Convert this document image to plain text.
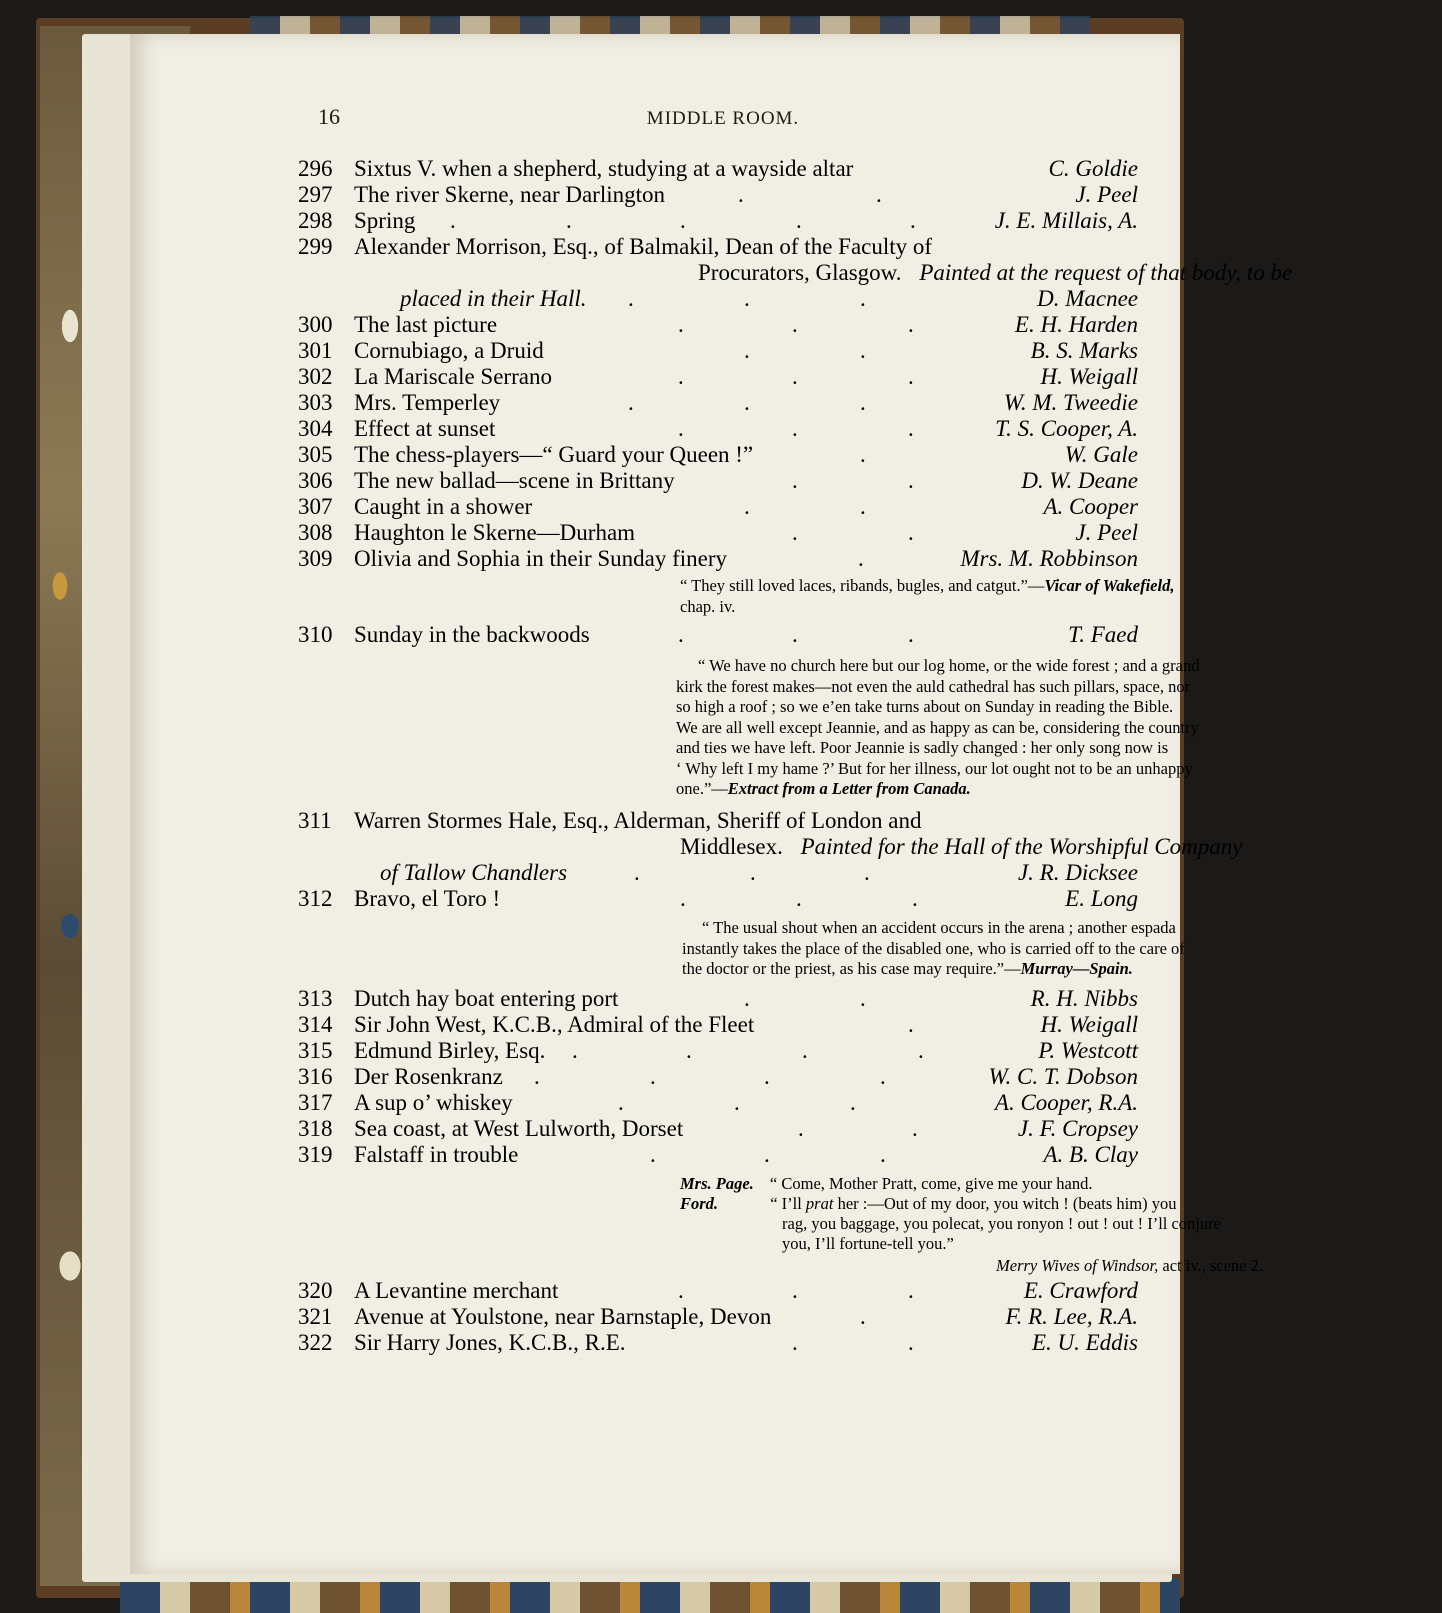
16	MIDDLE ROOM.
296 Sixtus V. when a shepherd, studying at a wayside altar	C. Goldie
297 The river Skerne, near Darlington	.	.	J. Peel
298 Spring .	.	.	.	.	J. E. Millais, A.
299 Alexander Morrison, Esq., of Balmakil, Dean of the Faculty of
Procurators, Glasgow. Painted at the request of that body, to be
placed in their Hall. .	.	.	D. Macnee
300 The last picture	.	.	.	E. H. Harden
301 Cornubiago, a Druid	.	.	B. S. Marks
302 La Mariscale Serrano	.	.	.	H. Weigall
303 Mrs. Temperley	.	.	.	W. M. Tweedie
304 Effect at sunset	.	.	.	T. S. Cooper, A.
305 The chess-players—“ Guard your Queen !”	.	W. Gale
306 The new ballad—scene in Brittany	.	.	D. W. Deane
307 Caught in a shower	.	.	A. Cooper
308 Haughton le Skerne—Durham	.	.	J. Peel
309 Olivia and Sophia in their Sunday finery	.	Mrs. M. Robbinson
“ They still loved laces, ribands, bugles, and catgut.”—Vicar of Wakefield,
chap. iv.
310 Sunday in the backwoods	.	.	.	T. Faed
“ We have no church here but our log home, or the wide forest ; and a grand
kirk the forest makes—not even the auld cathedral has such pillars, space, nor
so high a roof ; so we e’en take turns about on Sunday in reading the Bible.
We are all well except Jeannie, and as happy as can be, considering the country
and ties we have left. Poor Jeannie is sadly changed : her only song now is
‘ Why left I my hame ?’ But for her illness, our lot ought not to be an unhappy
one.”—Extract from a Letter from Canada.
311 Warren Stormes Hale, Esq., Alderman, Sheriff of London and
Middlesex. Painted for the Hall of the Worshipful Company
of Tallow Chandlers	.	.	.	J. R. Dicksee
312 Bravo, el Toro !	.	.	.	E. Long
“ The usual shout when an accident occurs in the arena ; another espada
instantly takes the place of the disabled one, who is carried off to the care of
the doctor or the priest, as his case may require.”—Murray—Spain.
313 Dutch hay boat entering port	.	.	R. H. Nibbs
314 Sir John West, K.C.B., Admiral of the Fleet	.	H. Weigall
315 Edmund Birley, Esq. .	.	.	.	P. Westcott
316 Der Rosenkranz .	.	.	.	W. C. T. Dobson
317 A sup o’ whiskey	.	.	.	A. Cooper, R.A.
318 Sea coast, at West Lulworth, Dorset	.	.	J. F. Cropsey
319 Falstaff in trouble	.	.	.	A. B. Clay
Mrs. Page. “ Come, Mother Pratt, come, give me your hand.
Ford.	“ I’ll prat her :—Out of my door, you witch ! (beats him) you
rag, you baggage, you polecat, you ronyon ! out ! out ! I’ll conjure
you, I’ll fortune-tell you.”
Merry Wives of Windsor, act iv., scene 2.
320 A Levantine merchant	.	.	.	E. Crawford
321 Avenue at Youlstone, near Barnstaple, Devon	.	F. R. Lee, R.A.
322 Sir Harry Jones, K.C.B., R.E.	.	.	E. U. Eddis
